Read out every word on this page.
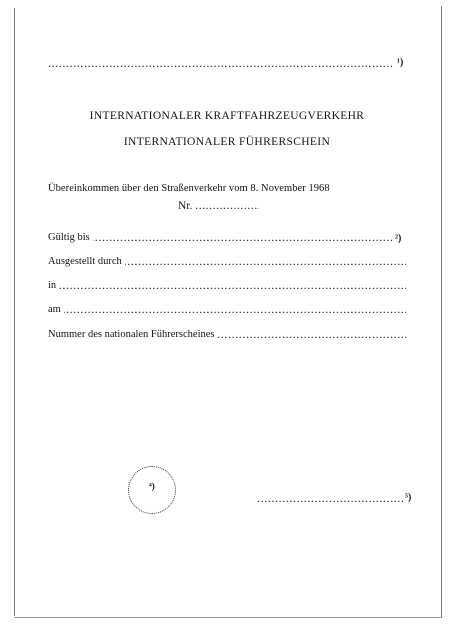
.....
¹)
INTERNATIONALER KRAFTFAHRZEUGVERKEHR
INTERNATIONALER FÜHRERSCHEIN
Nr. .....
Übereinkommen über den Straßenverkehr vom 8. November 1968
.....
Gültig bis	²)
.....
Ausgestellt durch
.....
in
.....
am
.....
Nummer des nationalen Führerscheines
⁴)
.....
⁵)
